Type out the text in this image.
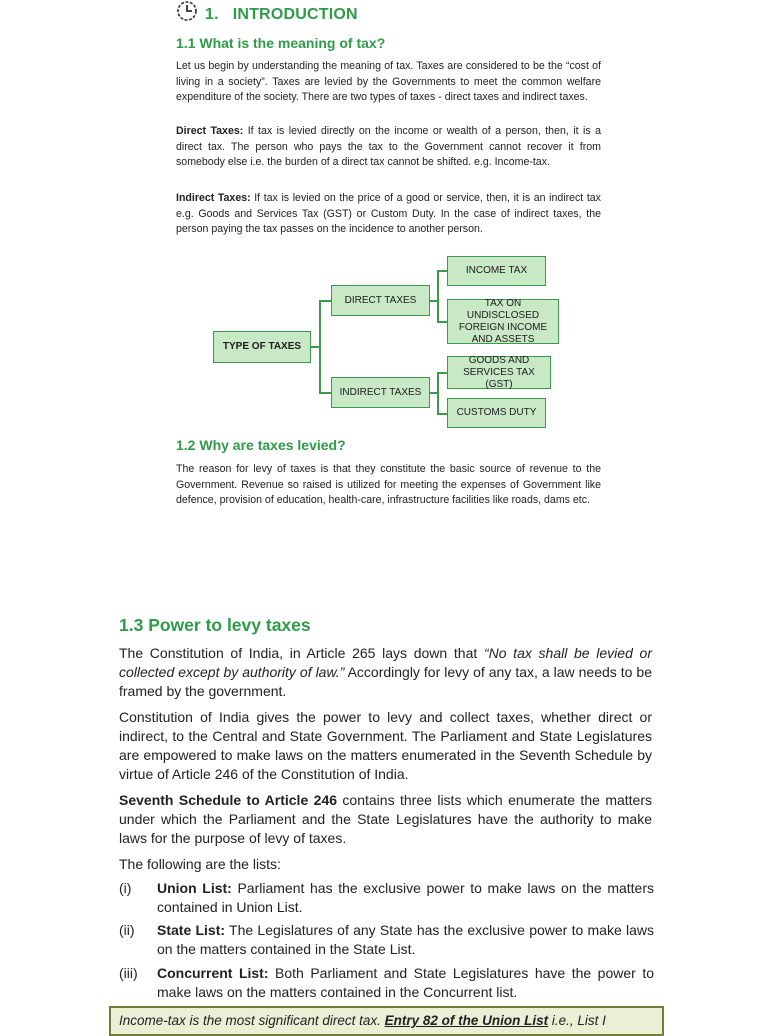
1. INTRODUCTION
1.1 What is the meaning of tax?
Let us begin by understanding the meaning of tax. Taxes are considered to be the “cost of living in a society”. Taxes are levied by the Governments to meet the common welfare expenditure of the society. There are two types of taxes - direct taxes and indirect taxes.
Direct Taxes: If tax is levied directly on the income or wealth of a person, then, it is a direct tax. The person who pays the tax to the Government cannot recover it from somebody else i.e. the burden of a direct tax cannot be shifted. e.g. Income-tax.
Indirect Taxes: If tax is levied on the price of a good or service, then, it is an indirect tax e.g. Goods and Services Tax (GST) or Custom Duty. In the case of indirect taxes, the person paying the tax passes on the incidence to another person.
TYPE OF TAXES
DIRECT TAXES
INDIRECT TAXES
INCOME TAX
TAX ON UNDISCLOSED FOREIGN INCOME AND ASSETS
GOODS AND SERVICES TAX (GST)
CUSTOMS DUTY
1.2 Why are taxes levied?
The reason for levy of taxes is that they constitute the basic source of revenue to the Government. Revenue so raised is utilized for meeting the expenses of Government like defence, provision of education, health-care, infrastructure facilities like roads, dams etc.
1.3 Power to levy taxes
The Constitution of India, in Article 265 lays down that “No tax shall be levied or collected except by authority of law.” Accordingly for levy of any tax, a law needs to be framed by the government.
Constitution of India gives the power to levy and collect taxes, whether direct or indirect, to the Central and State Government. The Parliament and State Legislatures are empowered to make laws on the matters enumerated in the Seventh Schedule by virtue of Article 246 of the Constitution of India.
Seventh Schedule to Article 246 contains three lists which enumerate the matters under which the Parliament and the State Legislatures have the authority to make laws for the purpose of levy of taxes.
The following are the lists:
(i) Union List: Parliament has the exclusive power to make laws on the matters contained in Union List.
(ii) State List: The Legislatures of any State has the exclusive power to make laws on the matters contained in the State List.
(iii) Concurrent List: Both Parliament and State Legislatures have the power to make laws on the matters contained in the Concurrent list.
Income-tax is the most significant direct tax. Entry 82 of the Union List i.e., List I
